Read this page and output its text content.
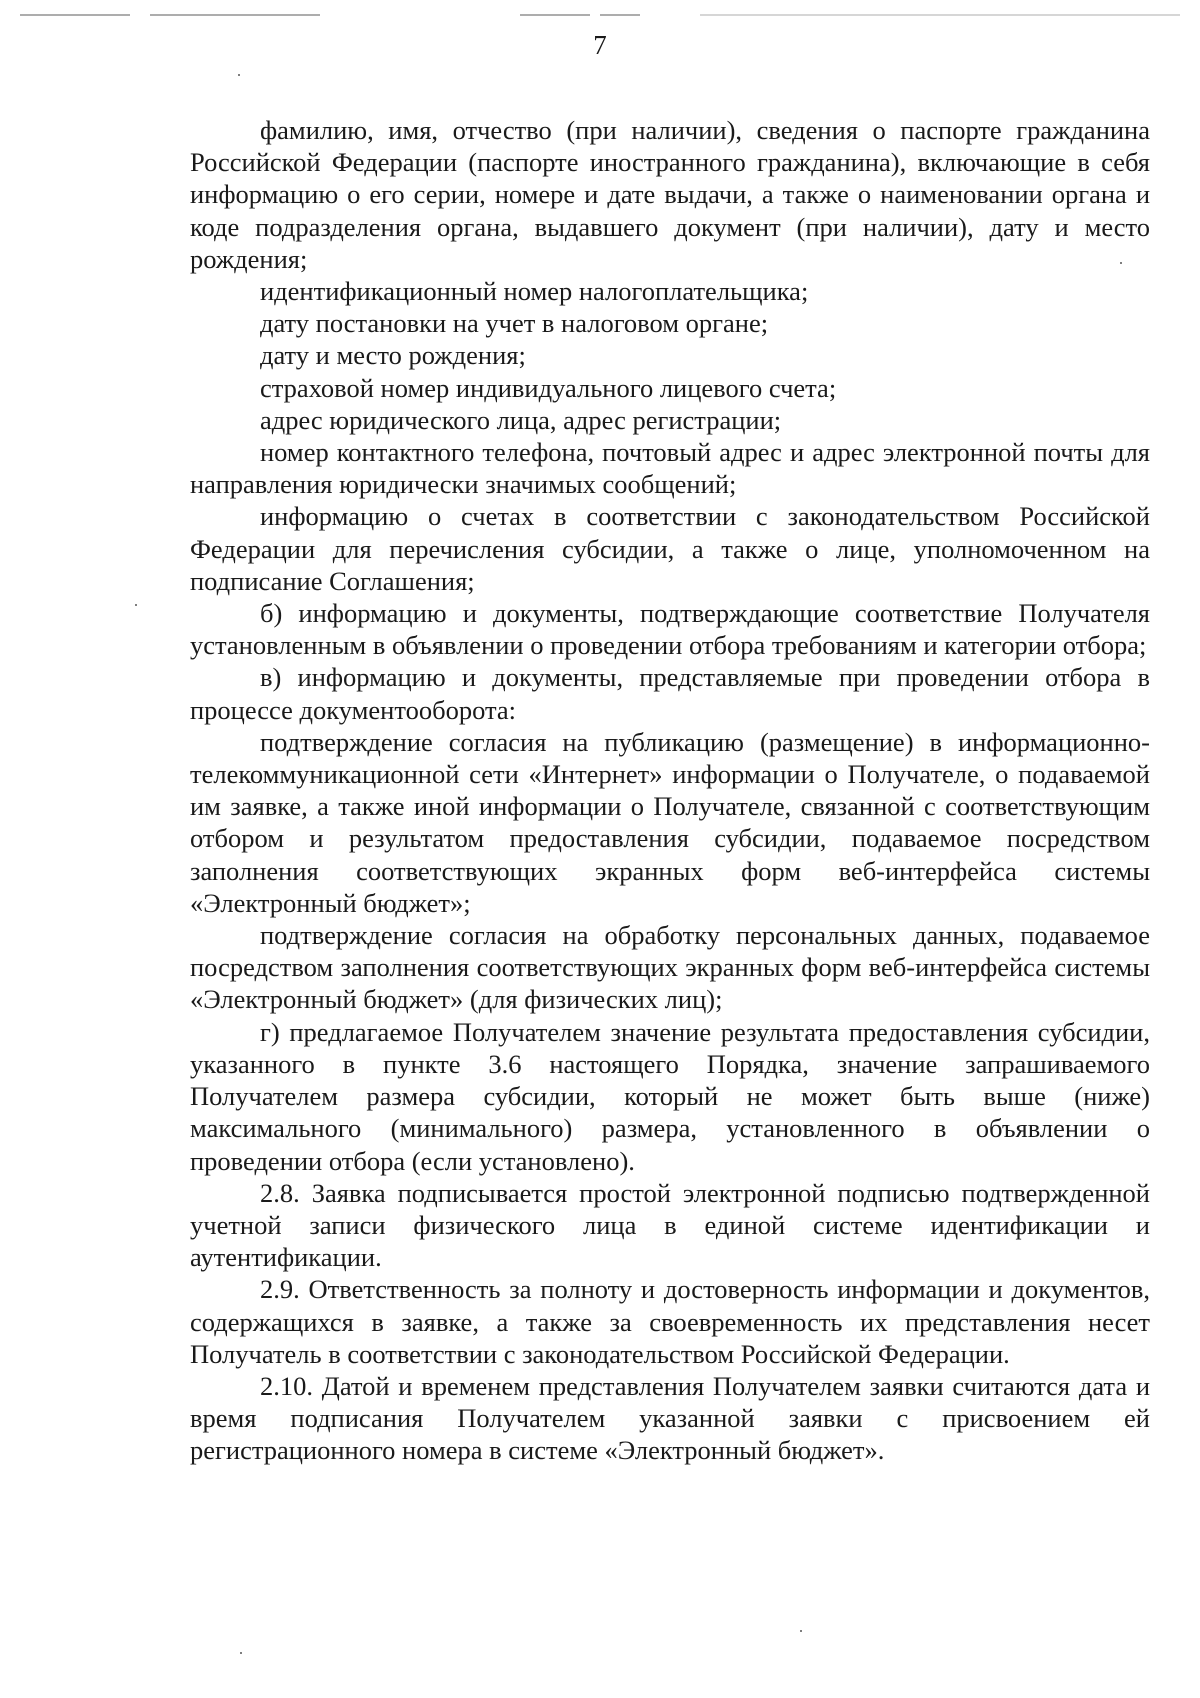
7

фамилию, имя, отчество (при наличии), сведения о паспорте гражданина Российской Федерации (паспорте иностранного гражданина), включающие в себя информацию о его серии, номере и дате выдачи, а также о наименовании органа и коде подразделения органа, выдавшего документ (при наличии), дату и место рождения;

идентификационный номер налогоплательщика;

дату постановки на учет в налоговом органе;

дату и место рождения;

страховой номер индивидуального лицевого счета;

адрес юридического лица, адрес регистрации;

номер контактного телефона, почтовый адрес и адрес электронной почты для направления юридически значимых сообщений;

информацию о счетах в соответствии с законодательством Российской Федерации для перечисления субсидии, а также о лице, уполномоченном на подписание Соглашения;

б) информацию и документы, подтверждающие соответствие Получателя установленным в объявлении о проведении отбора требованиям и категории отбора;

в) информацию и документы, представляемые при проведении отбора в процессе документооборота:

подтверждение согласия на публикацию (размещение) в информационно-телекоммуникационной сети «Интернет» информации о Получателе, о подаваемой им заявке, а также иной информации о Получателе, связанной с соответствующим отбором и результатом предоставления субсидии, подаваемое посредством заполнения соответствующих экранных форм веб-интерфейса системы «Электронный бюджет»;

подтверждение согласия на обработку персональных данных, подаваемое посредством заполнения соответствующих экранных форм веб-интерфейса системы «Электронный бюджет» (для физических лиц);

г) предлагаемое Получателем значение результата предоставления субсидии, указанного в пункте 3.6 настоящего Порядка, значение запрашиваемого Получателем размера субсидии, который не может быть выше (ниже) максимального (минимального) размера, установленного в объявлении о проведении отбора (если установлено).

2.8. Заявка подписывается простой электронной подписью подтвержденной учетной записи физического лица в единой системе идентификации и аутентификации.

2.9. Ответственность за полноту и достоверность информации и документов, содержащихся в заявке, а также за своевременность их представления несет Получатель в соответствии с законодательством Российской Федерации.

2.10. Датой и временем представления Получателем заявки считаются дата и время подписания Получателем указанной заявки с присвоением ей регистрационного номера в системе «Электронный бюджет».
